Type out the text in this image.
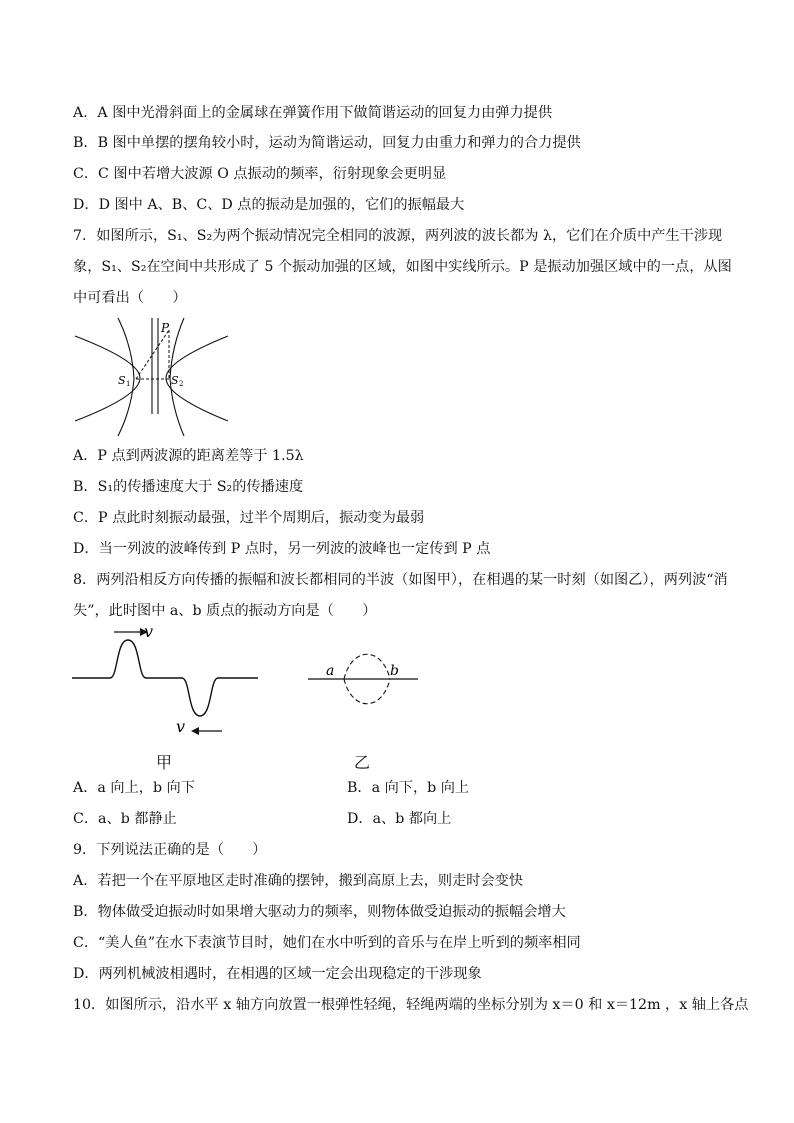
A．A 图中光滑斜面上的金属球在弹簧作用下做简谐运动的回复力由弹力提供
B．B 图中单摆的摆角较小时，运动为简谐运动，回复力由重力和弹力的合力提供
C．C 图中若增大波源 O 点振动的频率，衍射现象会更明显
D．D 图中 A、B、C、D 点的振动是加强的，它们的振幅最大
7．如图所示，S₁、S₂为两个振动情况完全相同的波源，两列波的波长都为 λ，它们在介质中产生干涉现
象，S₁、S₂在空间中共形成了 5 个振动加强的区域，如图中实线所示。P 是振动加强区域中的一点，从图
中可看出（　　）
P
S 1	S 2
A．P 点到两波源的距离差等于 1.5λ
B．S₁的传播速度大于 S₂的传播速度
C．P 点此时刻振动最强，过半个周期后，振动变为最弱
D．当一列波的波峰传到 P 点时，另一列波的波峰也一定传到 P 点
8．两列沿相反方向传播的振幅和波长都相同的半波（如图甲），在相遇的某一时刻（如图乙），两列波“消
失”，此时图中 a、b 质点的振动方向是（　　）
v
v
a	b
甲	乙
A．a 向上，b 向下	B．a 向下，b 向上
C．a、b 都静止	D．a、b 都向上
9．下列说法正确的是（　　）
A．若把一个在平原地区走时准确的摆钟，搬到高原上去，则走时会变快
B．物体做受迫振动时如果增大驱动力的频率，则物体做受迫振动的振幅会增大
C．“美人鱼”在水下表演节目时，她们在水中听到的音乐与在岸上听到的频率相同
D．两列机械波相遇时，在相遇的区域一定会出现稳定的干涉现象
10．如图所示，沿水平 x 轴方向放置一根弹性轻绳，轻绳两端的坐标分别为 x＝0 和 x＝12m ，x 轴上各点
